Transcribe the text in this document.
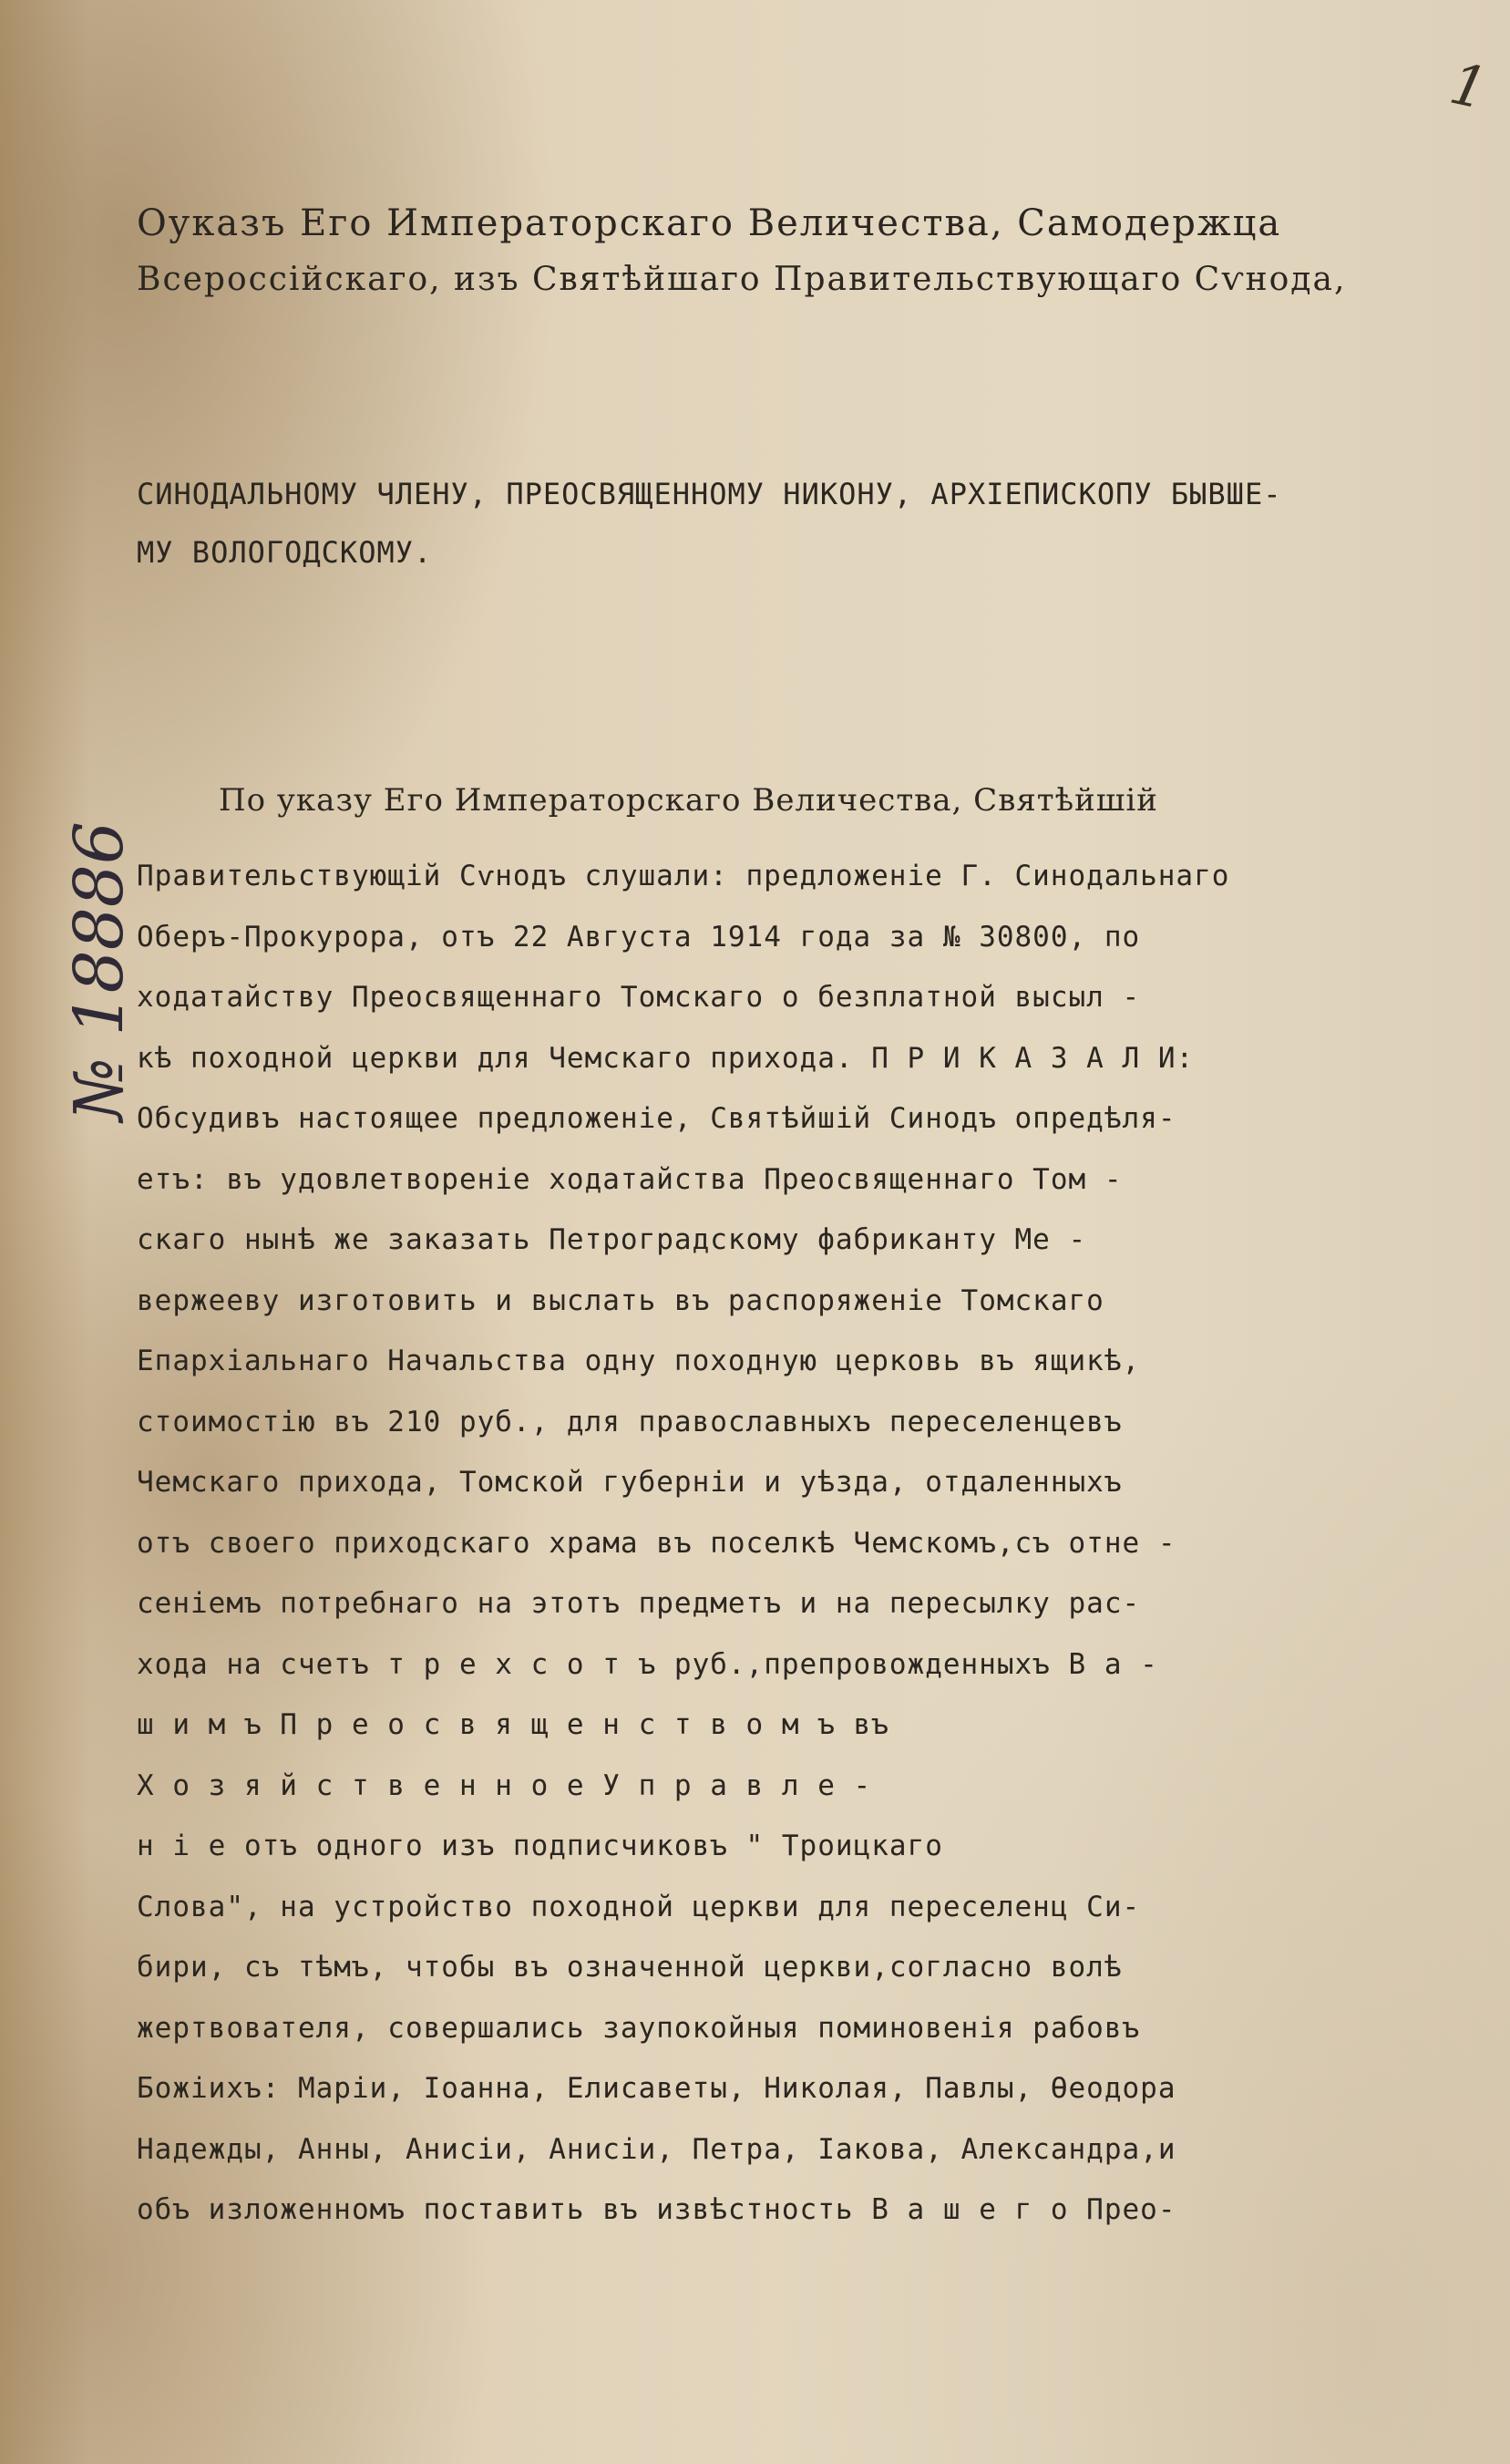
1
Оуказъ Его Императорскаго Величества, Самодержца
Всероссійскаго, изъ Святѣйшаго Правительствующаго Сѵнода,
СИНОДАЛЬНОМУ ЧЛЕНУ, ПРЕОСВЯЩЕННОМУ НИКОНУ, АРХІЕПИСКОПУ БЫВШЕ-
МУ ВОЛОГОДСКОМУ.
№ 18886
По указу Его Императорскаго Величества, Святѣйшій
Правительствующій Сѵнодъ слушали: предложеніе Г. Синодальнаго
Оберъ-Прокурора, отъ 22 Августа 1914 года за № 30800, по
ходатайству Преосвященнаго Томскаго о безплатной высыл -
кѣ походной церкви для Чемскаго прихода. П Р И К А З А Л И:
Обсудивъ настоящее предложеніе, Святѣйшій Синодъ опредѣля-
етъ: въ удовлетвореніе ходатайства Преосвященнаго Том -
скаго нынѣ же заказать Петроградскому фабриканту Ме -
вержееву изготовить и выслать въ распоряженіе Томскаго
Епархіальнаго Начальства одну походную церковь въ ящикѣ,
стоимостію въ 210 руб., для православныхъ переселенцевъ
Чемскаго прихода, Томской губерніи и уѣзда, отдаленныхъ
отъ своего приходскаго храма въ поселкѣ Чемскомъ,съ отне -
сеніемъ потребнаго на этотъ предметъ и на пересылку рас-
хода на счетъ т р е х с о т ъ руб.,препровожденныхъ В а -
ш и м ъ П р е о с в я щ е н с т в о м ъ въ
Х о з я й с т в е н н о е У п р а в л е -
н і е отъ одного изъ подписчиковъ " Троицкаго
Слова", на устройство походной церкви для переселенц Си-
бири, съ тѣмъ, чтобы въ означенной церкви,согласно волѣ
жертвователя, совершались заупокойныя поминовенія рабовъ
Божіихъ: Маріи, Іоанна, Елисаветы, Николая, Павлы, Ѳеодора
Надежды, Анны, Анисіи, Анисіи, Петра, Іакова, Александра,и
объ изложенномъ поставить въ извѣстность В а ш е г о Прео-
